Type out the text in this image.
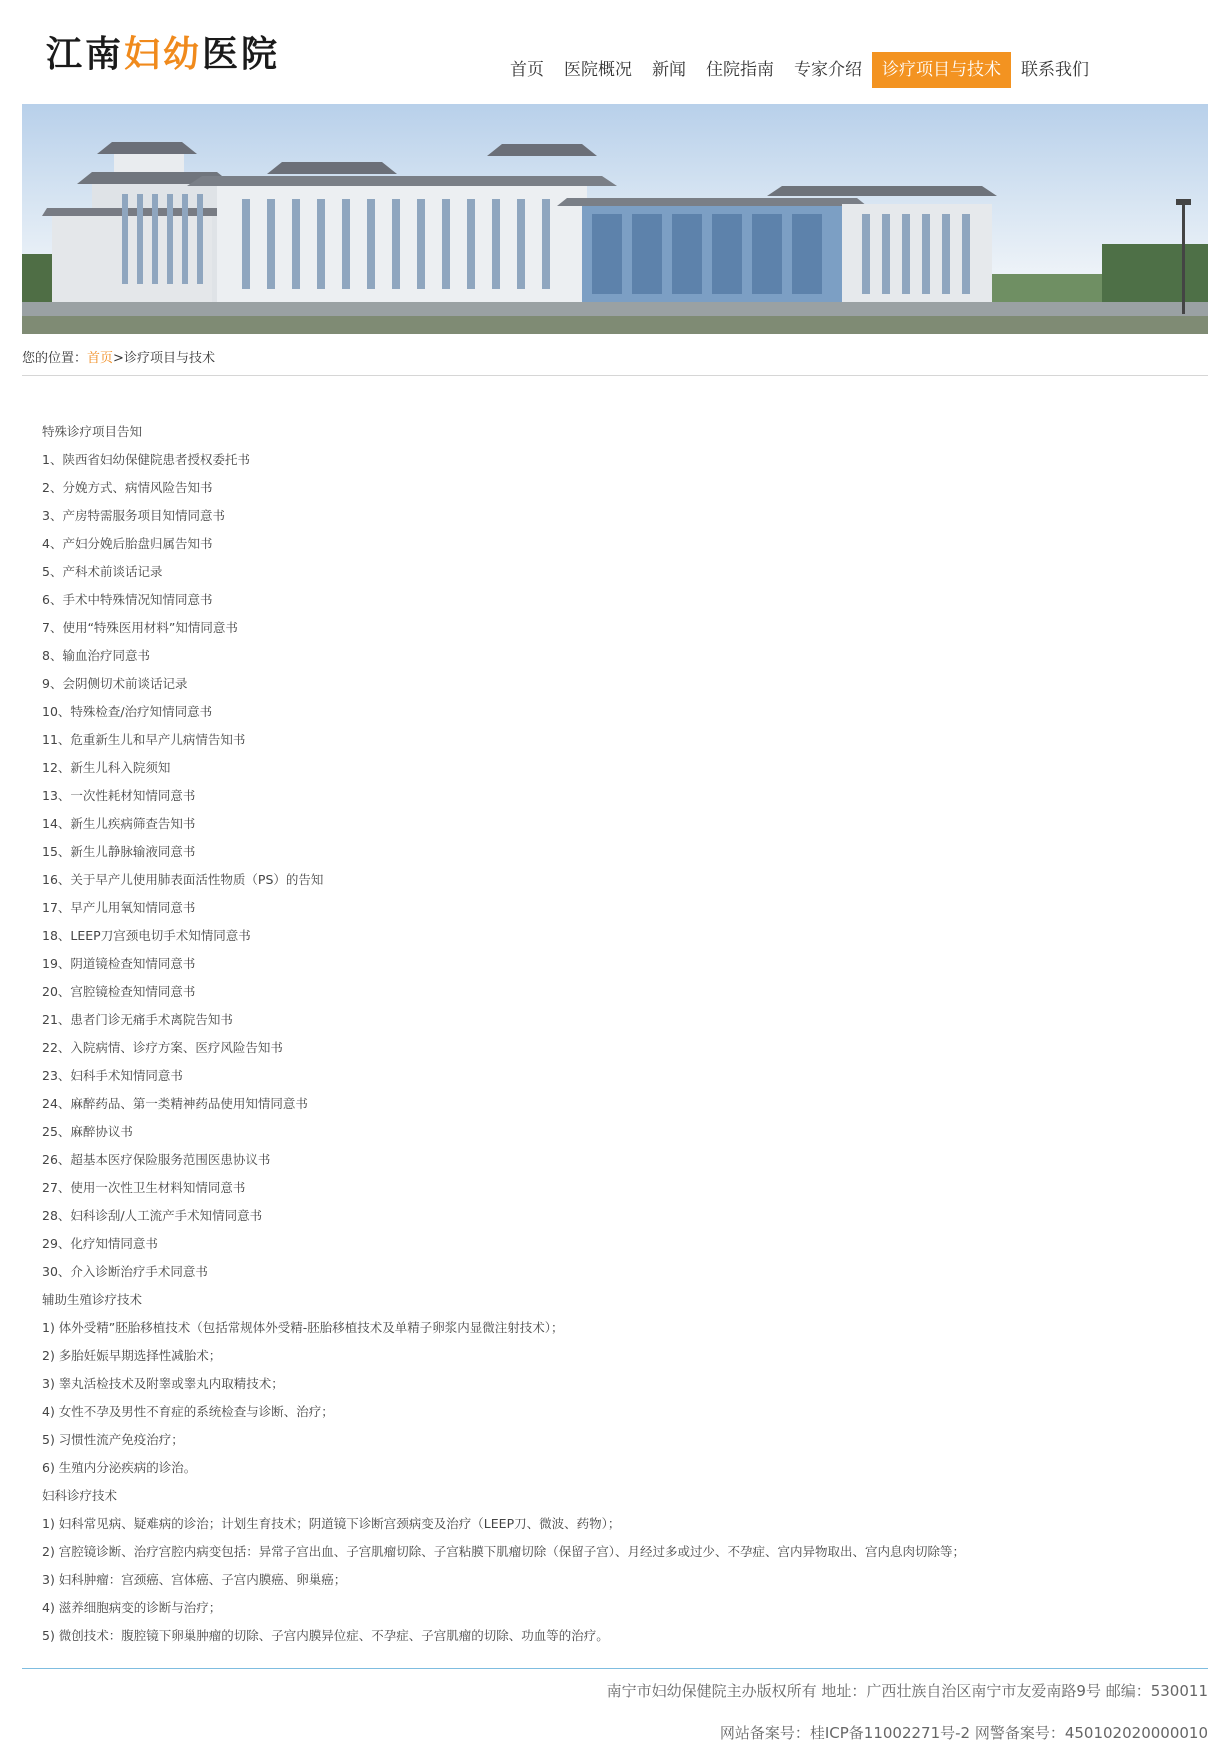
江南妇幼医院	首页	医院概况	新闻	住院指南	专家介绍	诊疗项目与技术	联系我们
您的位置：首页>诊疗项目与技术
特殊诊疗项目告知
1、陕西省妇幼保健院患者授权委托书
2、分娩方式、病情风险告知书
3、产房特需服务项目知情同意书
4、产妇分娩后胎盘归属告知书
5、产科术前谈话记录
6、手术中特殊情况知情同意书
7、使用“特殊医用材料”知情同意书
8、输血治疗同意书
9、会阴侧切术前谈话记录
10、特殊检查/治疗知情同意书
11、危重新生儿和早产儿病情告知书
12、新生儿科入院须知
13、一次性耗材知情同意书
14、新生儿疾病筛查告知书
15、新生儿静脉输液同意书
16、关于早产儿使用肺表面活性物质（PS）的告知
17、早产儿用氧知情同意书
18、LEEP刀宫颈电切手术知情同意书
19、阴道镜检查知情同意书
20、宫腔镜检查知情同意书
21、患者门诊无痛手术离院告知书
22、入院病情、诊疗方案、医疗风险告知书
23、妇科手术知情同意书
24、麻醉药品、第一类精神药品使用知情同意书
25、麻醉协议书
26、超基本医疗保险服务范围医患协议书
27、使用一次性卫生材料知情同意书
28、妇科诊刮/人工流产手术知情同意书
29、化疗知情同意书
30、介入诊断治疗手术同意书
辅助生殖诊疗技术
1) 体外受精”胚胎移植技术（包括常规体外受精-胚胎移植技术及单精子卵浆内显微注射技术）；
2) 多胎妊娠早期选择性减胎术；
3) 睾丸活检技术及附睾或睾丸内取精技术；
4) 女性不孕及男性不育症的系统检查与诊断、治疗；
5) 习惯性流产免疫治疗；
6) 生殖内分泌疾病的诊治。
妇科诊疗技术
1) 妇科常见病、疑难病的诊治；计划生育技术；阴道镜下诊断宫颈病变及治疗（LEEP刀、微波、药物）；
2) 宫腔镜诊断、治疗宫腔内病变包括：异常子宫出血、子宫肌瘤切除、子宫粘膜下肌瘤切除（保留子宫）、月经过多或过少、不孕症、宫内异物取出、宫内息肉切除等；
3) 妇科肿瘤：宫颈癌、宫体癌、子宫内膜癌、卵巢癌；
4) 滋养细胞病变的诊断与治疗；
5) 微创技术：腹腔镜下卵巢肿瘤的切除、子宫内膜异位症、不孕症、子宫肌瘤的切除、功血等的治疗。
南宁市妇幼保健院主办版权所有 地址：广西壮族自治区南宁市友爱南路9号 邮编：530011
网站备案号：桂ICP备11002271号-2 网警备案号：450102020000010
